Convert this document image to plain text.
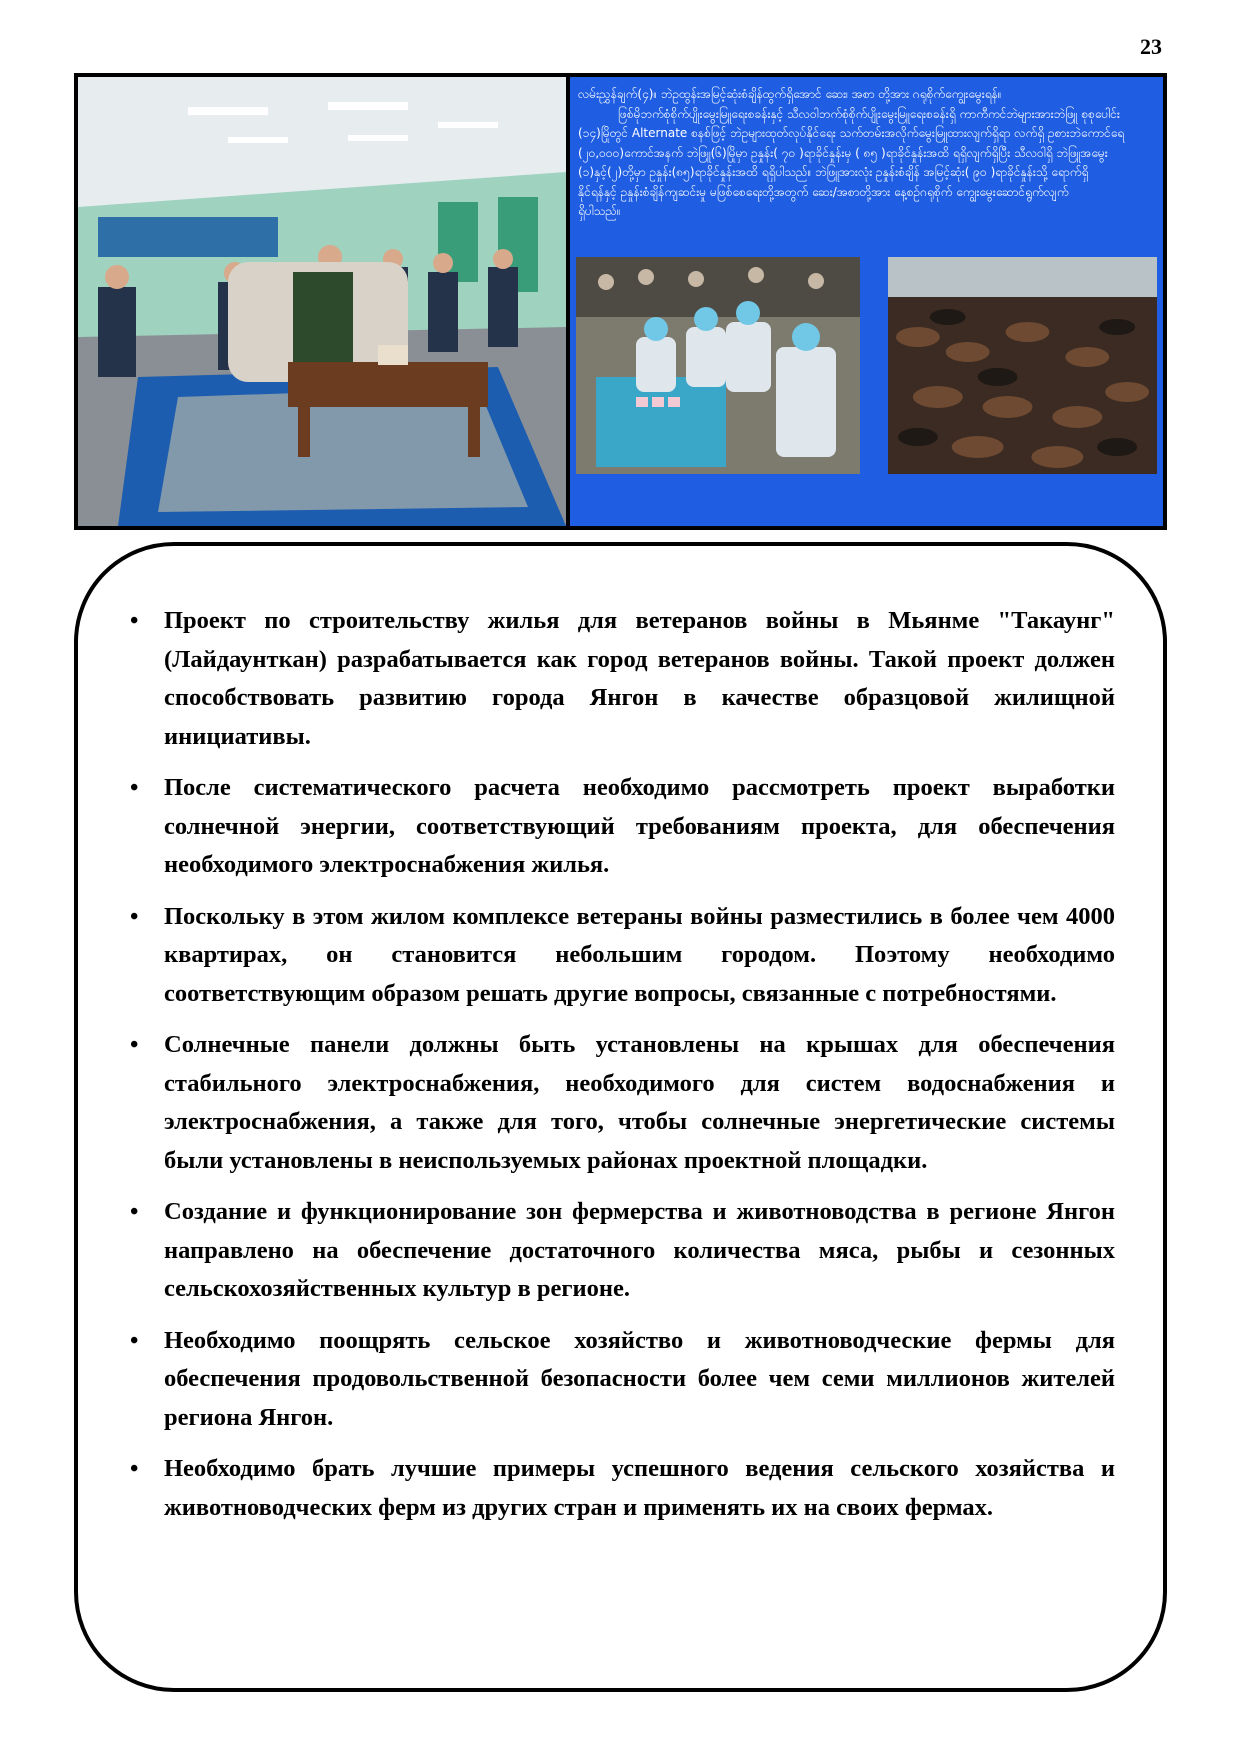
23
လမ်းညွှန်ချက်(၄)။ ဘဲဥထွန်းအမြင့်ဆုံးစံချိန်ထွက်ရှိအောင် ဆေး၊ အစာ တို့အား ဂရုစိုက်ကျွေးမွေးရန်။
ဖြစ်မိုဘက်စုံစိုက်ပျိုးမွေးမြူရေးစခန်းနှင့် သီလဝါဘက်စုံစိုက်ပျိုးမွေးမြူရေးစခန်းရှိ ကာကီကင်ဘဲများအားဘဲဖြူ စုစုပေါင်း
(၁၄)မြိုတွင် Alternate စနစ်ဖြင့် ဘဲဥများထုတ်လုပ်နိုင်ရေး သက်တမ်းအလိုက်မွေးမြူထားလျက်ရှိရာ လက်ရှိ ဥစားဘဲကောင်ရေ
(၂၀,၀၀၀)ကောင်အနက် ဘဲဖြူ(၆)မြိုမှာ ဥနှုန်း( ၇၀ )ရာခိုင်နှုန်းမှ ( ၈၅ )ရာခိုင်နှုန်းအထိ ရရှိလျက်ရှိပြီး သီလဝါရှိ ဘဲဖြူအမွေး
(၁)နှင့်(၂)တို့မှာ ဥနှုန်း(၈၅)ရာခိုင်နှုန်းအထိ ရရှိပါသည်။ ဘဲဖြူအားလုံး ဥနှုန်းစံချိန် အမြင့်ဆုံး( ၉၀ )ရာခိုင်နှုန်းသို့ ရောက်ရှိ
နိုင်ရန်နှင့် ဥနှုန်းစံချိန်ကျဆင်းမှု မဖြစ်စေရေးတို့အတွက် ဆေး/အစာတို့အား နေ့စဉ်ဂရုစိုက် ကျွေးမွေးဆောင်ရွက်လျက်
ရှိပါသည်။
• Проект по строительству жилья для ветеранов войны в Мьянме "Такаунг" (Лайдаунткан) разрабатывается как город ветеранов войны. Такой проект должен способствовать развитию города Янгон в качестве образцовой жилищной инициативы.
• После систематического расчета необходимо рассмотреть проект выработки солнечной энергии, соответствующий требованиям проекта, для обеспечения необходимого электроснабжения жилья.
• Поскольку в этом жилом комплексе ветераны войны разместились в более чем 4000 квартирах, он становится небольшим городом. Поэтому необходимо соответствующим образом решать другие вопросы, связанные с потребностями.
• Солнечные панели должны быть установлены на крышах для обеспечения стабильного электроснабжения, необходимого для систем водоснабжения и электроснабжения, а также для того, чтобы солнечные энергетические системы были установлены в неиспользуемых районах проектной площадки.
• Создание и функционирование зон фермерства и животноводства в регионе Янгон направлено на обеспечение достаточного количества мяса, рыбы и сезонных сельскохозяйственных культур в регионе.
• Необходимо поощрять сельское хозяйство и животноводческие фермы для обеспечения продовольственной безопасности более чем семи миллионов жителей региона Янгон.
• Необходимо брать лучшие примеры успешного ведения сельского хозяйства и животноводческих ферм из других стран и применять их на своих фермах.
